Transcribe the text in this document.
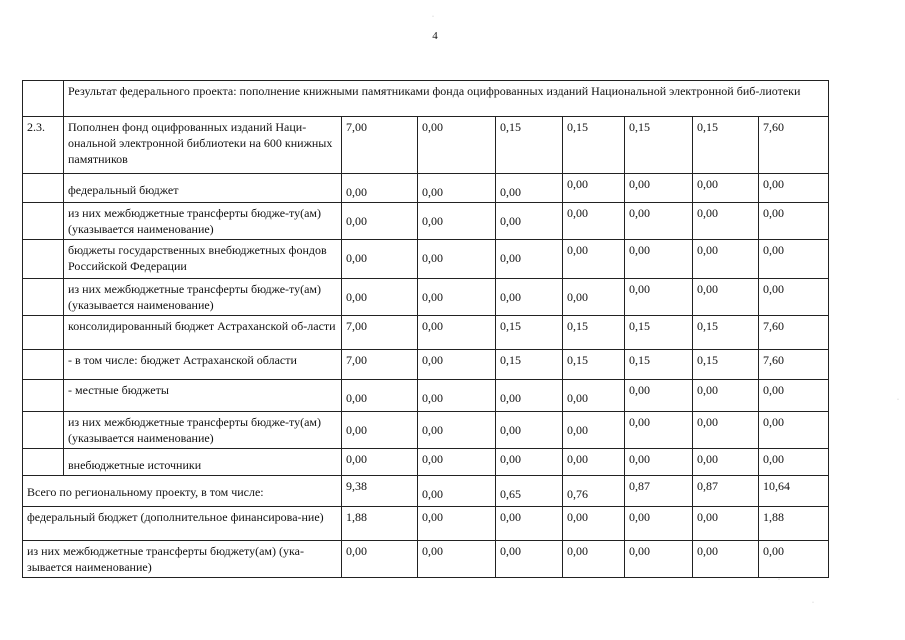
4
	Результат федерального проекта: пополнение книжными памятниками фонда оцифрованных изданий Национальной электронной биб-лиотеки							
2.3.	Пополнен фонд оцифрованных изданий Наци-ональной электронной библиотеки на 600 книжных памятников	7,00	0,00	0,15	0,15	0,15	0,15	7,60
	федеральный бюджет	0,00	0,00	0,00	0,00	0,00	0,00	0,00
	из них межбюджетные трансферты бюдже-ту(ам) (указывается наименование)	0,00	0,00	0,00	0,00	0,00	0,00	0,00
	бюджеты государственных внебюджетных фондов Российской Федерации	0,00	0,00	0,00	0,00	0,00	0,00	0,00
	из них межбюджетные трансферты бюдже-ту(ам) (указывается наименование)	0,00	0,00	0,00	0,00	0,00	0,00	0,00
	консолидированный бюджет Астраханской об-ласти	7,00	0,00	0,15	0,15	0,15	0,15	7,60
	- в том числе: бюджет Астраханской области	7,00	0,00	0,15	0,15	0,15	0,15	7,60
	- местные бюджеты	0,00	0,00	0,00	0,00	0,00	0,00	0,00
	из них межбюджетные трансферты бюдже-ту(ам) (указывается наименование)	0,00	0,00	0,00	0,00	0,00	0,00	0,00
	внебюджетные источники	0,00	0,00	0,00	0,00	0,00	0,00	0,00
Всего по региональному проекту, в том числе:		9,38	0,00	0,65	0,76	0,87	0,87	10,64
федеральный бюджет (дополнительное финансирова-ние)		1,88	0,00	0,00	0,00	0,00	0,00	1,88
из них межбюджетные трансферты бюджету(ам) (ука-зывается наименование)		0,00	0,00	0,00	0,00	0,00	0,00	0,00
·
·
·
·
